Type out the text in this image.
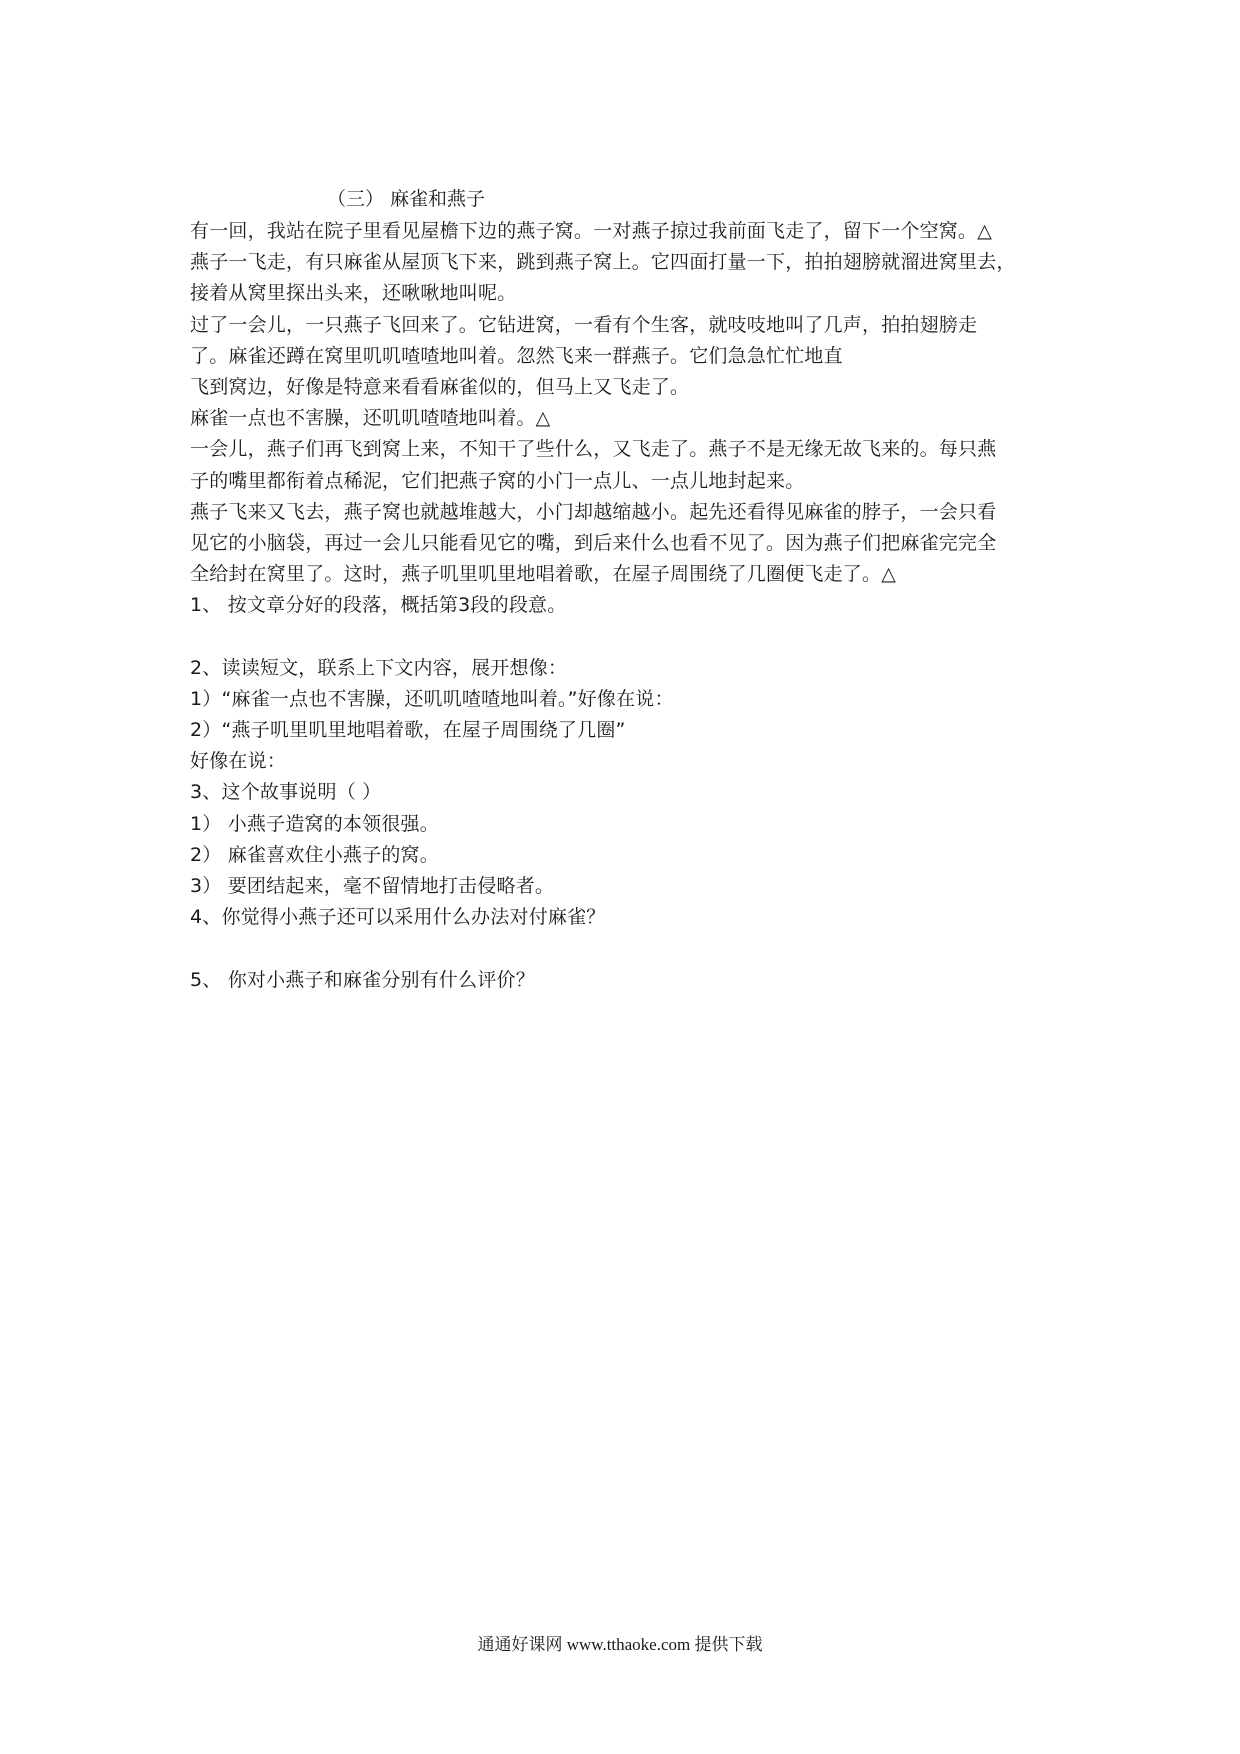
（三） 麻雀和燕子
有一回，我站在院子里看见屋檐下边的燕子窝。一对燕子掠过我前面飞走了，留下一个空窝。△
燕子一飞走，有只麻雀从屋顶飞下来，跳到燕子窝上。它四面打量一下，拍拍翅膀就溜进窝里去，
接着从窝里探出头来，还啾啾地叫呢。
过了一会儿，一只燕子飞回来了。它钻进窝，一看有个生客，就吱吱地叫了几声，拍拍翅膀走
了。麻雀还蹲在窝里叽叽喳喳地叫着。忽然飞来一群燕子。它们急急忙忙地直
飞到窝边，好像是特意来看看麻雀似的，但马上又飞走了。
麻雀一点也不害臊，还叽叽喳喳地叫着。△
一会儿，燕子们再飞到窝上来，不知干了些什么，又飞走了。燕子不是无缘无故飞来的。每只燕
子的嘴里都衔着点稀泥，它们把燕子窝的小门一点儿、一点儿地封起来。
燕子飞来又飞去，燕子窝也就越堆越大，小门却越缩越小。起先还看得见麻雀的脖子，一会只看
见它的小脑袋，再过一会儿只能看见它的嘴，到后来什么也看不见了。因为燕子们把麻雀完完全
全给封在窝里了。这时，燕子叽里叽里地唱着歌，在屋子周围绕了几圈便飞走了。△
1、 按文章分好的段落，概括第3段的段意。
2、读读短文，联系上下文内容，展开想像：
1）“麻雀一点也不害臊，还叽叽喳喳地叫着。”好像在说：
2）“燕子叽里叽里地唱着歌，在屋子周围绕了几圈”
好像在说：
3、这个故事说明（ ）
1） 小燕子造窝的本领很强。
2） 麻雀喜欢住小燕子的窝。
3） 要团结起来，毫不留情地打击侵略者。
4、你觉得小燕子还可以采用什么办法对付麻雀？
5、 你对小燕子和麻雀分别有什么评价？
通通好课网 www.tthaoke.com 提供下载
